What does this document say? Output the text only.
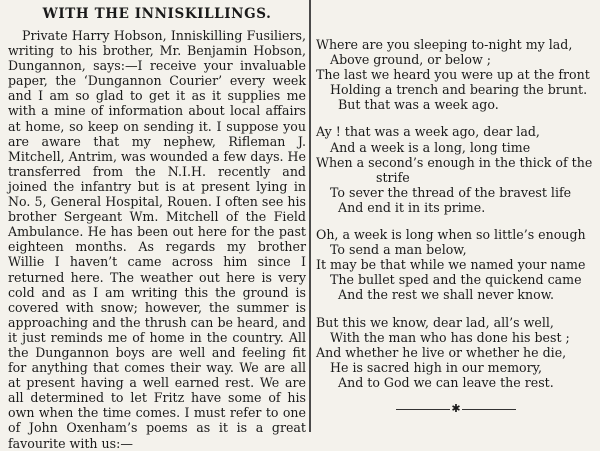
WITH THE INNISKILLINGS.

Private Harry Hobson, Inniskilling Fusiliers, writing to his brother, Mr. Benjamin Hobson, Dungannon, says:—I receive your invaluable paper, the ‘Dungannon Courier’ every week and I am so glad to get it as it supplies me with a mine of information about local affairs at home, so keep on sending it. I suppose you are aware that my nephew, Rifleman J. Mitchell, Antrim, was wounded a few days. He transferred from the N.I.H. recently and joined the infantry but is at present lying in No. 5, General Hospital, Rouen. I often see his brother Sergeant Wm. Mitchell of the Field Ambulance. He has been out here for the past eighteen months. As regards my brother Willie I haven’t came across him since I returned here. The weather out here is very cold and as I am writing this the ground is covered with snow; however, the summer is approaching and the thrush can be heard, and it just reminds me of home in the country. All the Dungannon boys are well and feeling fit for anything that comes their way. We are all at present having a well earned rest. We are all determined to let Fritz have some of his own when the time comes. I must refer to one of John Oxenham’s poems as it is a great favourite with us:—

Where are you sleeping to-night my lad,
Above ground, or below ;
The last we heard you were up at the front
Holding a trench and bearing the brunt.
But that was a week ago.
Ay ! that was a week ago, dear lad,
And a week is a long, long time
When a second’s enough in the thick of the
strife
To sever the thread of the bravest life
And end it in its prime.
Oh, a week is long when so little’s enough
To send a man below,
It may be that while we named your name
The bullet sped and the quickend came
And the rest we shall never know.
But this we know, dear lad, all’s well,
With the man who has done his best ;
And whether he live or whether he die,
He is sacred high in our memory,
And to God we can leave the rest.
✱
